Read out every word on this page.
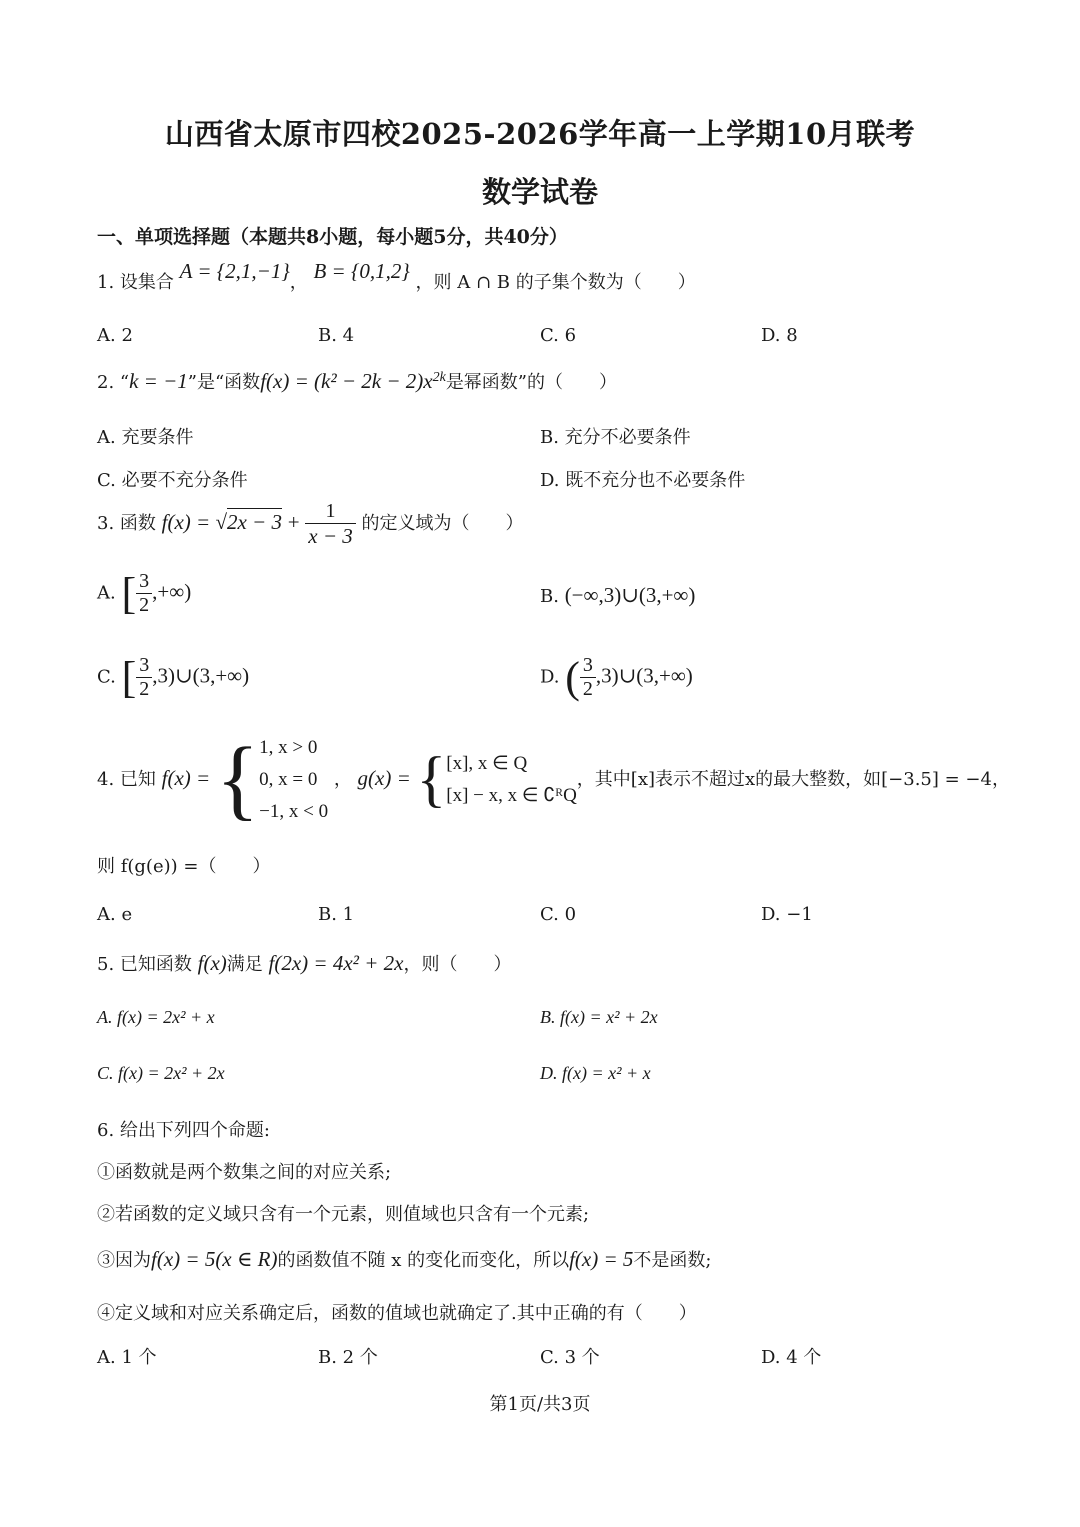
山西省太原市四校2025-2026学年高一上学期10月联考
数学试卷
一、单项选择题（本题共8小题，每小题5分，共40分）
1. 设集合 A = {2,1,−1}， B = {0,1,2} ，则 A ∩ B 的子集个数为（　　）
A. 2	B. 4	C. 6	D. 8
2. “k = −1”是“函数$f(x) = (k^2 - 2k - 2)x^{2k}$是幂函数”的（　　）
A. 充要条件	B. 充分不必要条件
C. 必要不充分条件	D. 既不充分也不必要条件
3. 函数 $f(x) = √2x - 3 + \frac{1}{x - 3}$ 的定义域为（　　）
A. [ $\frac{3}{2}$ ,+∞)	B. (−∞,3)∪(3,+∞)
C. [ $\frac{3}{2}$ ,3)∪(3,+∞)	D. ( $\frac{3}{2}$ ,3)∪(3,+∞)
4. 已知 f(x) = { 1, x > 0
0, x = 0
−1, x < 0
， g(x) = { [x], x ∈ Q
[x] − x, x ∈ ∁ᴿQ
，其中[x]表示不超过x的最大整数，如[−3.5] = −4，
则 f(g(e)) =（　　）
A. e	B. 1	C. 0	D. −1
5. 已知函数 f(x)满足 f(2x) = 4x² + 2x，则（　　）
A. f(x) = 2x² + x	B. f(x) = x² + 2x
C. f(x) = 2x² + 2x	D. f(x) = x² + x
6. 给出下列四个命题:
①函数就是两个数集之间的对应关系;
②若函数的定义域只含有一个元素，则值域也只含有一个元素;
③因为f(x) = 5(x ∈ R)的函数值不随 x 的变化而变化，所以f(x) = 5不是函数;
④定义域和对应关系确定后，函数的值域也就确定了.其中正确的有（　　）
A. 1 个	B. 2 个	C. 3 个	D. 4 个
第1页/共3页
